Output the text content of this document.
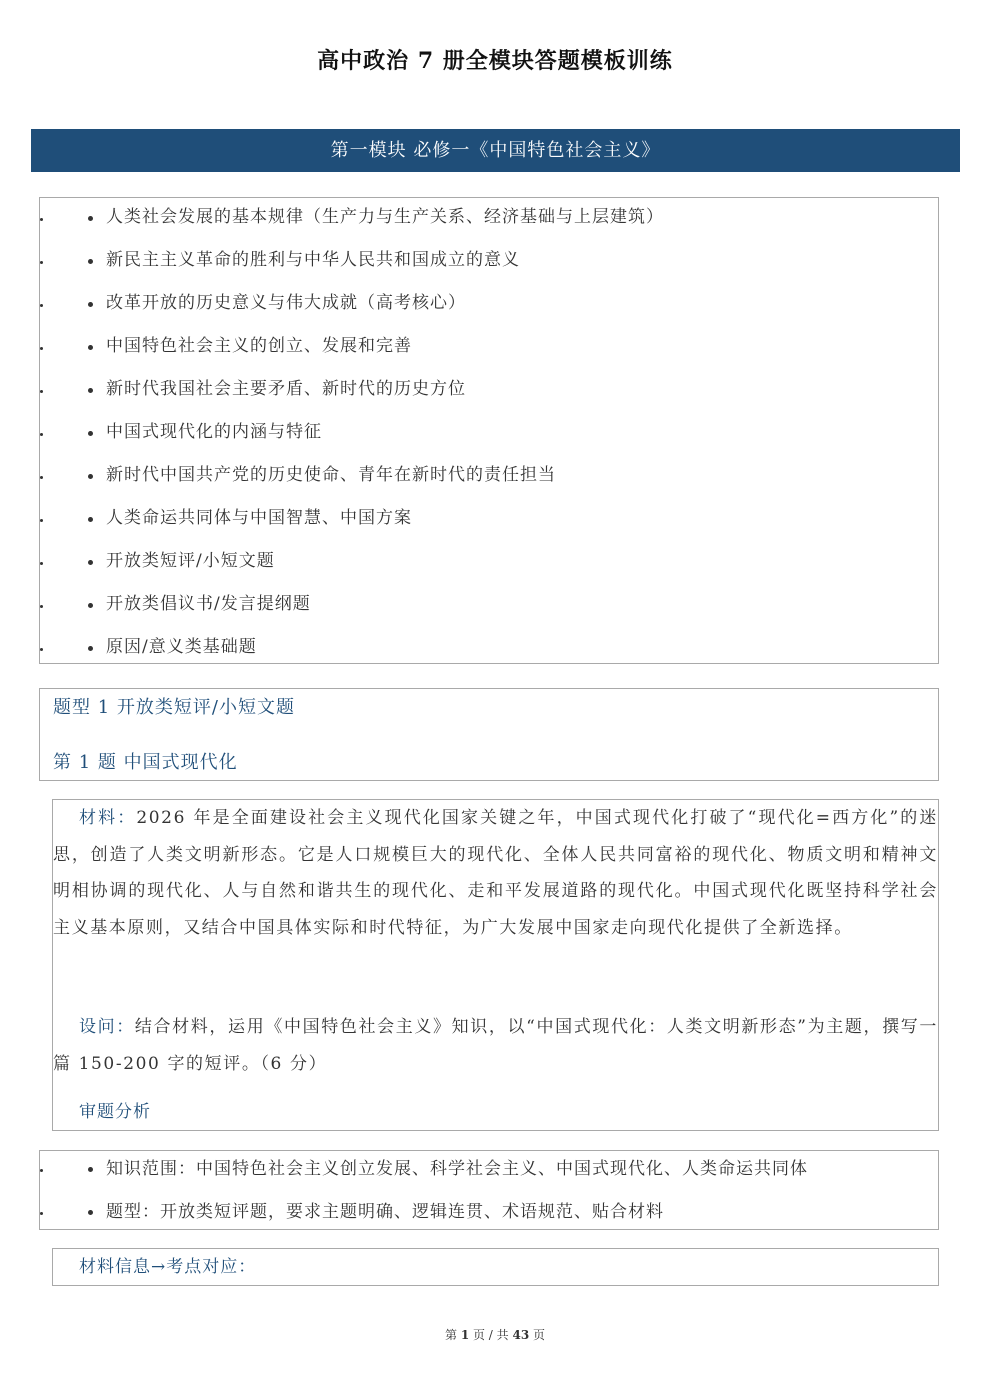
高中政治 7 册全模块答题模板训练
第一模块 必修一《中国特色社会主义》
人类社会发展的基本规律（生产力与生产关系、经济基础与上层建筑）
新民主主义革命的胜利与中华人民共和国成立的意义
改革开放的历史意义与伟大成就（高考核心）
中国特色社会主义的创立、发展和完善
新时代我国社会主要矛盾、新时代的历史方位
中国式现代化的内涵与特征
新时代中国共产党的历史使命、青年在新时代的责任担当
人类命运共同体与中国智慧、中国方案
开放类短评/小短文题
开放类倡议书/发言提纲题
原因/意义类基础题
题型 1 开放类短评/小短文题
第 1 题 中国式现代化
材料：2026 年是全面建设社会主义现代化国家关键之年，中国式现代化打破了“现代化=西方化”的迷思，创造了人类文明新形态。它是人口规模巨大的现代化、全体人民共同富裕的现代化、物质文明和精神文明相协调的现代化、人与自然和谐共生的现代化、走和平发展道路的现代化。中国式现代化既坚持科学社会主义基本原则，又结合中国具体实际和时代特征，为广大发展中国家走向现代化提供了全新选择。
设问：结合材料，运用《中国特色社会主义》知识，以“中国式现代化：人类文明新形态”为主题，撰写一篇 150-200 字的短评。（6 分）
审题分析
知识范围：中国特色社会主义创立发展、科学社会主义、中国式现代化、人类命运共同体
题型：开放类短评题，要求主题明确、逻辑连贯、术语规范、贴合材料
材料信息→考点对应：
第 1 页 / 共 43 页
